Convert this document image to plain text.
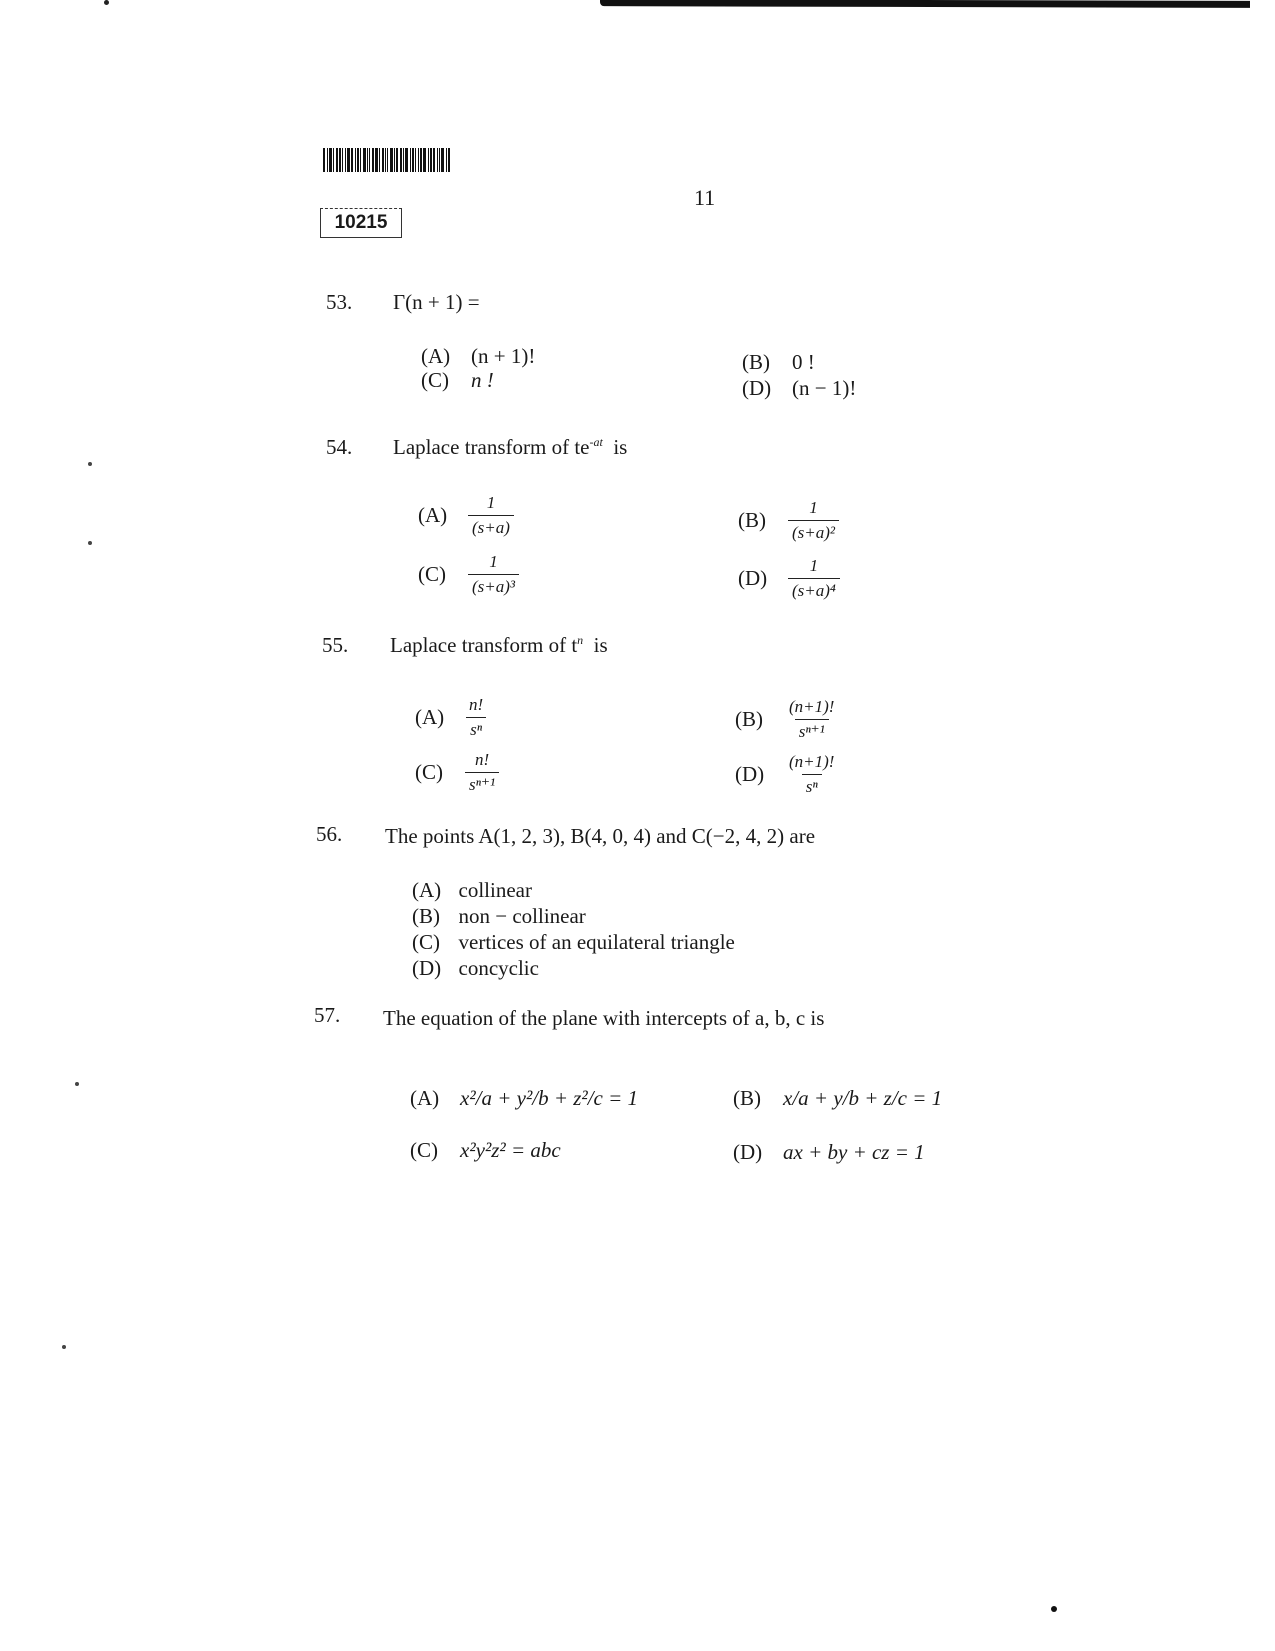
10215
11
53. Γ(n + 1) =
(A) (n + 1)!	(B)	0 !
(C)	n !	(D) (n − 1)!
54. Laplace transform of $te^{-at}$ is
(A)	$\frac{1}{(s+a)}$	(B)	$\frac{1}{\text{(s+a)²}}$
(C)	$\frac{1}{\text{(s+a)³}}$	(D)	$\frac{1}{\text{(s+a)⁴}}$
55. Laplace transform of $t^n$ is
(A)	$\frac{n!}{\text{sⁿ}}$	(B)	$\frac{(n+1)!}{\text{sⁿ⁺¹}}$
(C)	$\frac{n!}{\text{sⁿ⁺¹}}$	(D)	$\frac{(n+1)!}{\text{sⁿ}}$
56. The points A(1, 2, 3), B(4, 0, 4) and C(−2, 4, 2) are
(A) collinear
(B) non − collinear
(C) vertices of an equilateral triangle
(D) concyclic
57. The equation of the plane with intercepts of a, b, c is
(A) x²/a + y²/b + z²/c = 1	(B)	x/a + y/b + z/c = 1
(C)	x²y²z² = abc	(D) ax + by + cz = 1
